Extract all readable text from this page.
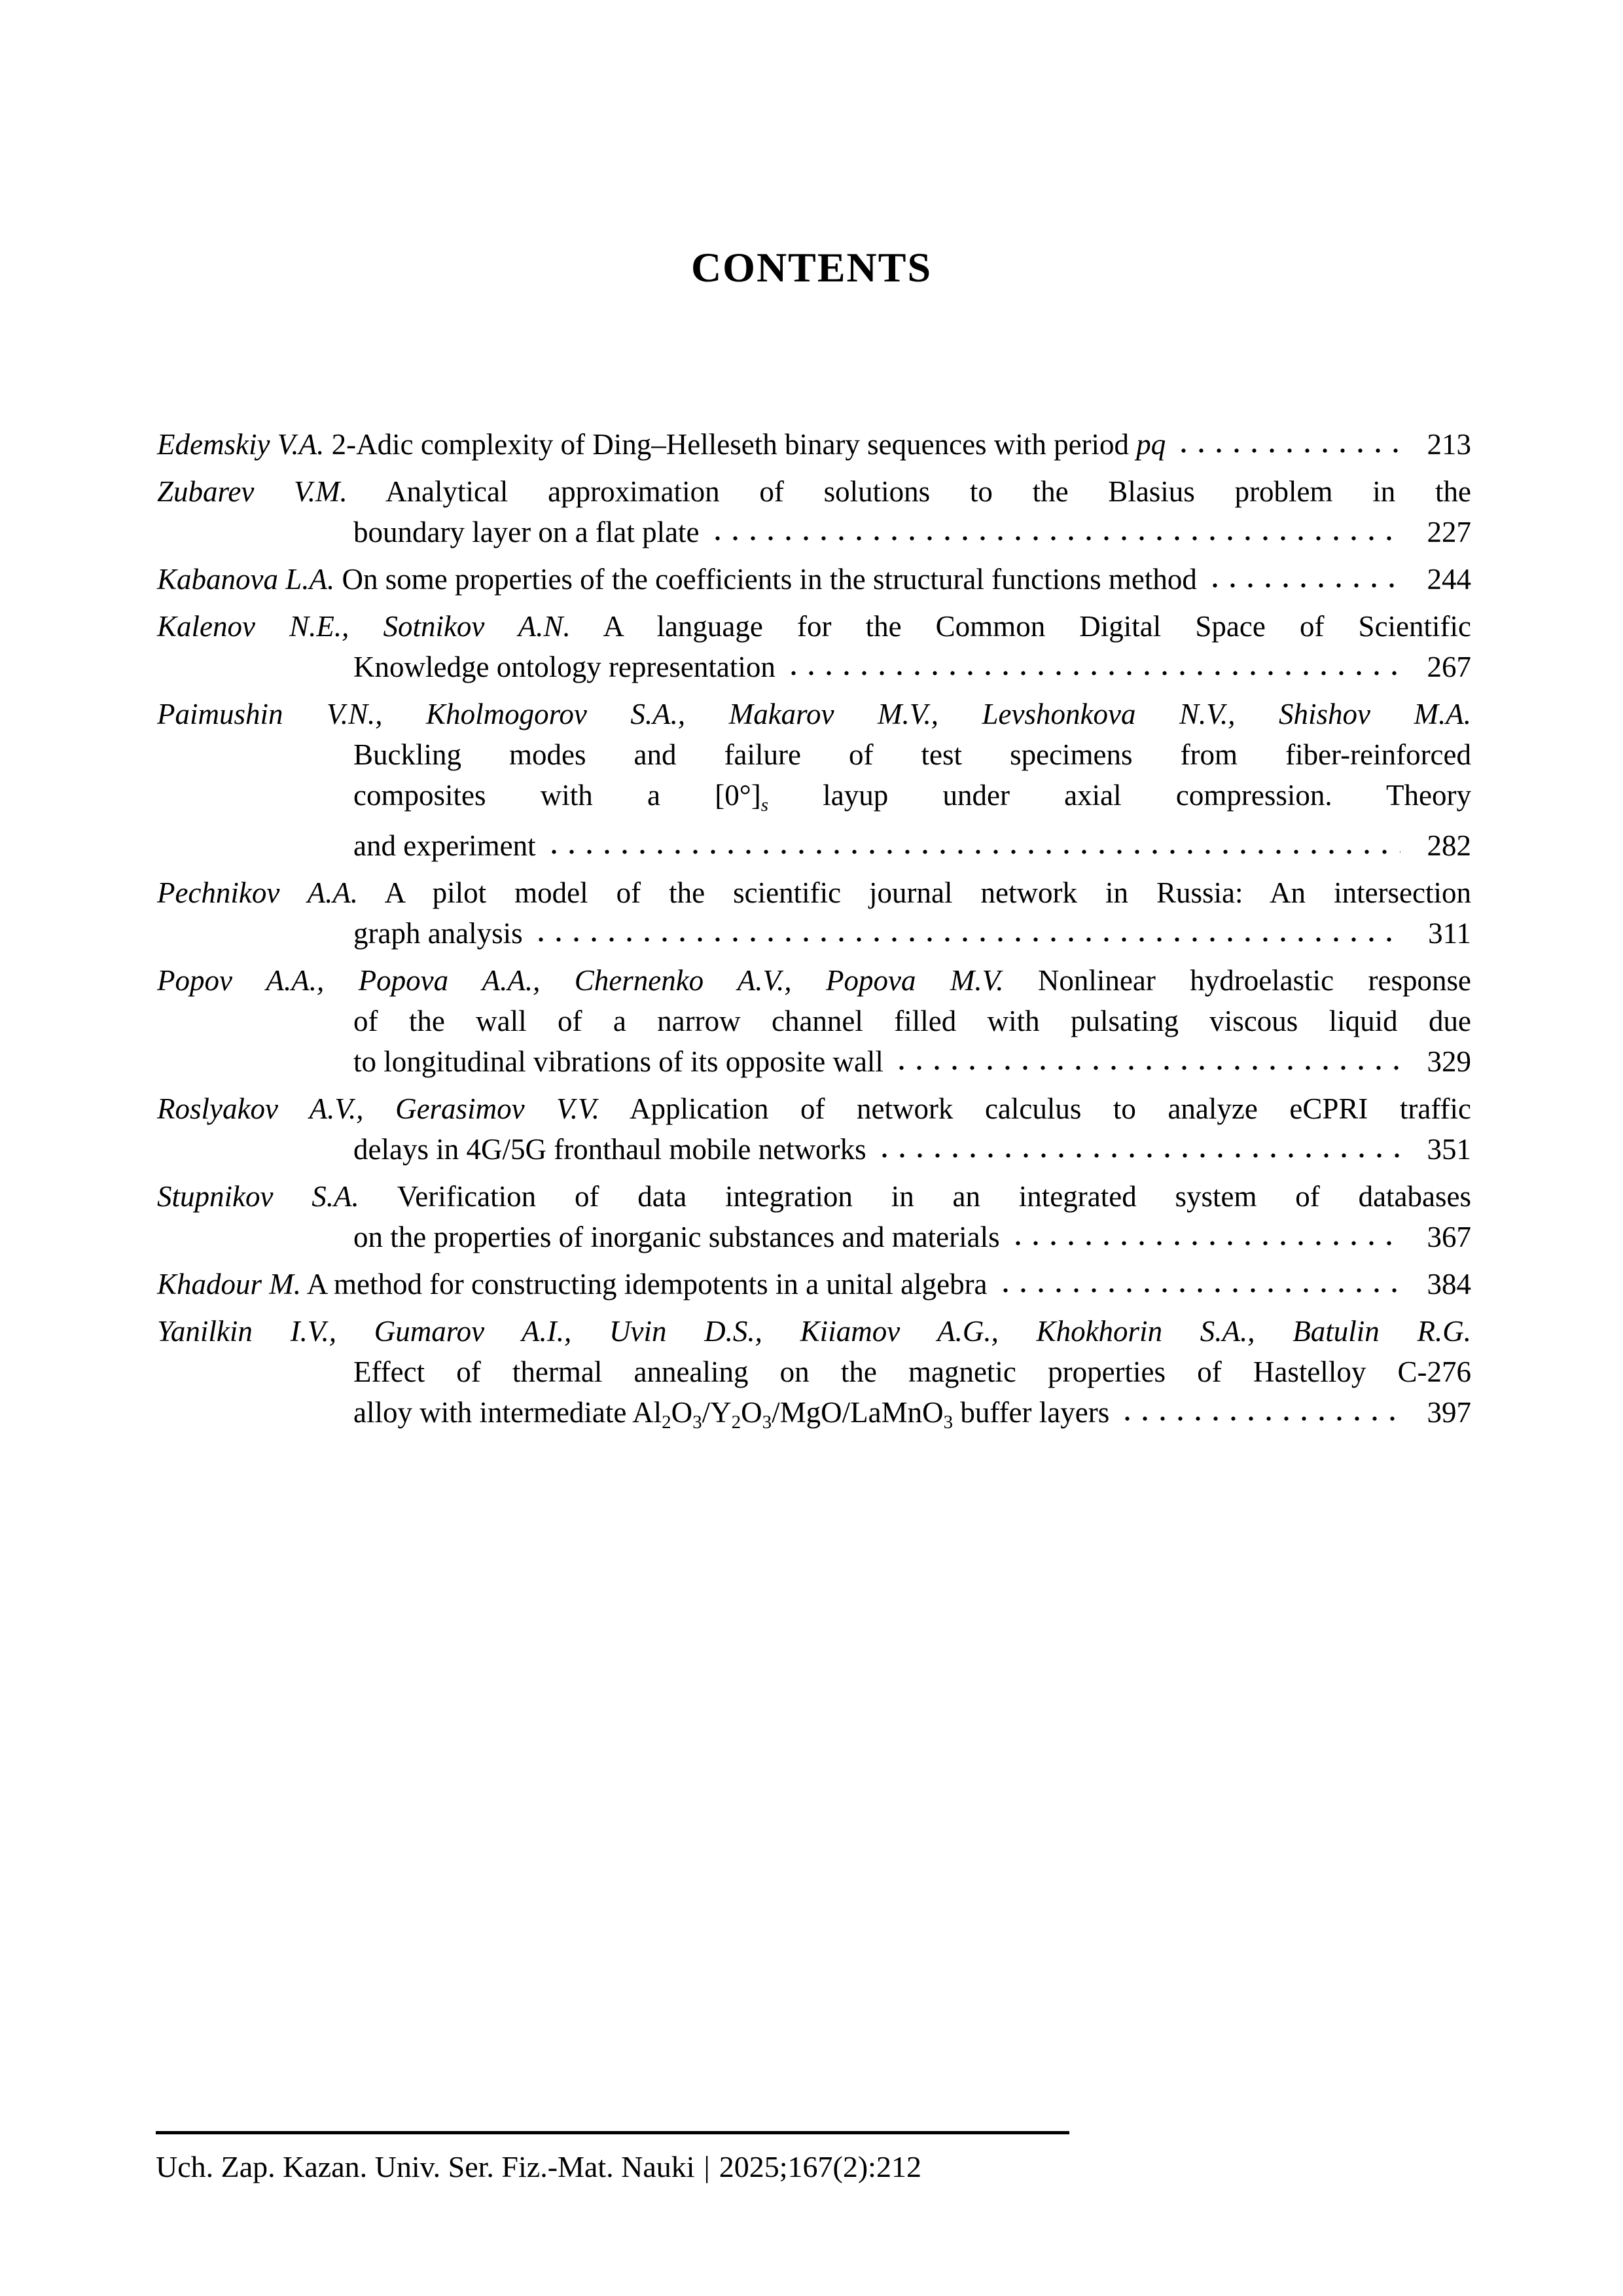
CONTENTS
Edemskiy V.A. 2-Adic complexity of Ding–Helleseth binary sequences with period pq	213
Zubarev V.M. Analytical approximation of solutions to the Blasius problem in the
boundary layer on a flat plate	227
Kabanova L.A. On some properties of the coefficients in the structural functions method	244
Kalenov N.E., Sotnikov A.N. A language for the Common Digital Space of Scientific
Knowledge ontology representation	267
Paimushin V.N., Kholmogorov S.A., Makarov M.V., Levshonkova N.V., Shishov M.A.
Buckling modes and failure of test specimens from fiber-reinforced
composites with a $[0^\circ]_s$ layup under axial compression. Theory
and experiment	282
Pechnikov A.A. A pilot model of the scientific journal network in Russia: An intersection
graph analysis	311
Popov A.A., Popova A.A., Chernenko A.V., Popova M.V. Nonlinear hydroelastic response
of the wall of a narrow channel filled with pulsating viscous liquid due
to longitudinal vibrations of its opposite wall	329
Roslyakov A.V., Gerasimov V.V. Application of network calculus to analyze eCPRI traffic
delays in 4G/5G fronthaul mobile networks	351
Stupnikov S.A. Verification of data integration in an integrated system of databases
on the properties of inorganic substances and materials	367
Khadour M. A method for constructing idempotents in a unital algebra	384
Yanilkin I.V., Gumarov A.I., Uvin D.S., Kiiamov A.G., Khokhorin S.A., Batulin R.G.
Effect of thermal annealing on the magnetic properties of Hastelloy C-276
alloy with intermediate $Al_2O_3/Y_2O_3/MgO/LaMnO_3$ buffer layers	397
Uch. Zap. Kazan. Univ. Ser. Fiz.-Mat. Nauki | 2025;167(2):212
